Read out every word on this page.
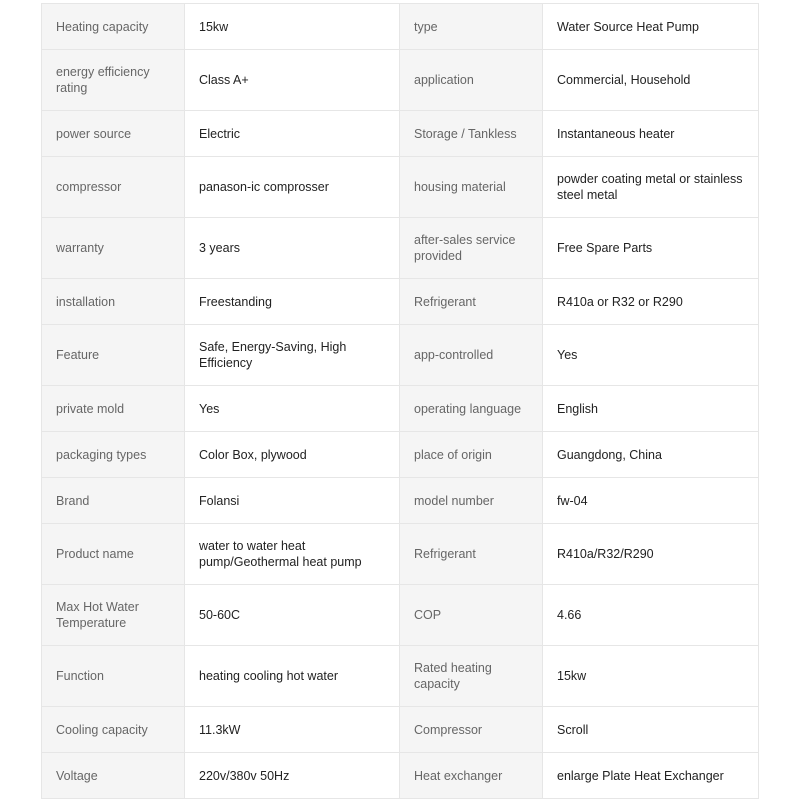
Heating capacity	15kw	type	Water Source Heat Pump
energy efficiency rating	Class A+	application	Commercial, Household
power source	Electric	Storage / Tankless	Instantaneous heater
compressor	panason-ic comprosser	housing material	powder coating metal or stainless steel metal
warranty	3 years	after-sales service provided	Free Spare Parts
installation	Freestanding	Refrigerant	R410a or R32 or R290
Feature	Safe, Energy-Saving, High Efficiency	app-controlled	Yes
private mold	Yes	operating language	English
packaging types	Color Box, plywood	place of origin	Guangdong, China
Brand	Folansi	model number	fw-04
Product name	water to water heat pump/Geothermal heat pump	Refrigerant	R410a/R32/R290
Max Hot Water Temperature	50-60C	COP	4.66
Function	heating cooling hot water	Rated heating capacity	15kw
Cooling capacity	11.3kW	Compressor	Scroll
Voltage	220v/380v 50Hz	Heat exchanger	enlarge Plate Heat Exchanger
